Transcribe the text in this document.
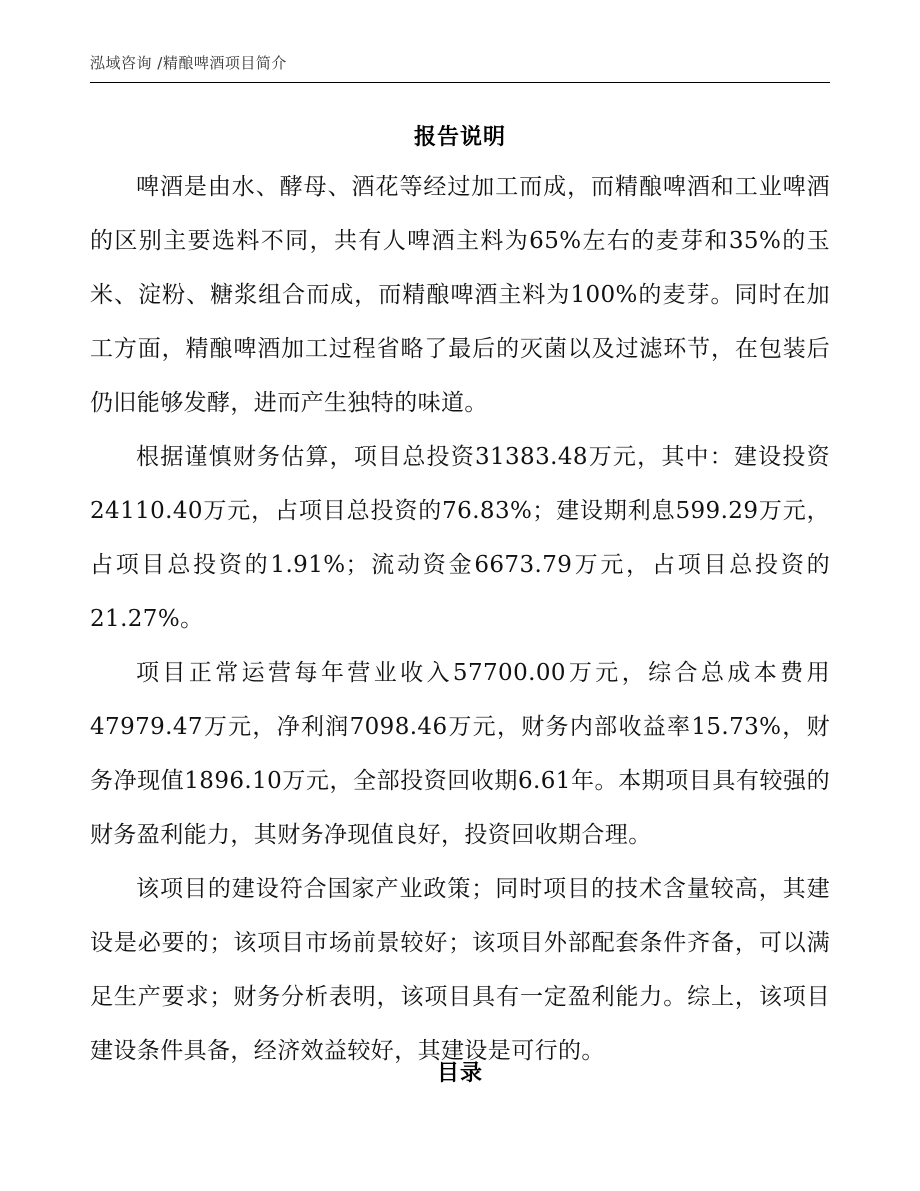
泓域咨询 /精酿啤酒项目简介
报告说明

啤酒是由水、酵母、酒花等经过加工而成，而精酿啤酒和工业啤酒的区别主要选料不同，共有人啤酒主料为65%左右的麦芽和35%的玉米、淀粉、糖浆组合而成，而精酿啤酒主料为100%的麦芽。同时在加工方面，精酿啤酒加工过程省略了最后的灭菌以及过滤环节，在包装后仍旧能够发酵，进而产生独特的味道。

根据谨慎财务估算，项目总投资31383.48万元，其中：建设投资24110.40万元，占项目总投资的76.83%；建设期利息599.29万元，占项目总投资的1.91%；流动资金6673.79万元，占项目总投资的21.27%。

项目正常运营每年营业收入57700.00万元，综合总成本费用47979.47万元，净利润7098.46万元，财务内部收益率15.73%，财务净现值1896.10万元，全部投资回收期6.61年。本期项目具有较强的财务盈利能力，其财务净现值良好，投资回收期合理。

该项目的建设符合国家产业政策；同时项目的技术含量较高，其建设是必要的；该项目市场前景较好；该项目外部配套条件齐备，可以满足生产要求；财务分析表明，该项目具有一定盈利能力。综上，该项目建设条件具备，经济效益较好，其建设是可行的。

目录
